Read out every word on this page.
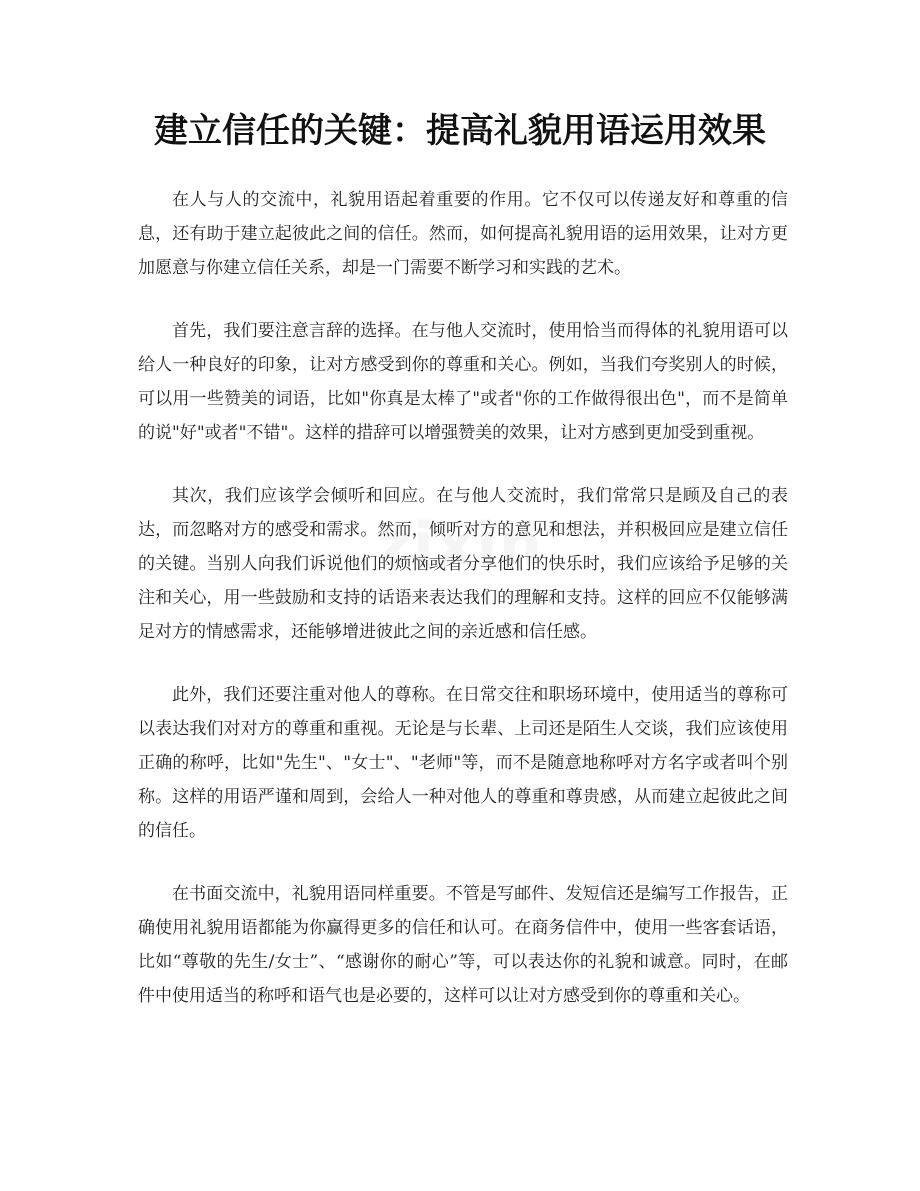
建立信任的关键：提高礼貌用语运用效果
zixin

在人与人的交流中，礼貌用语起着重要的作用。它不仅可以传递友好和尊重的信息，还有助于建立起彼此之间的信任。然而，如何提高礼貌用语的运用效果，让对方更加愿意与你建立信任关系，却是一门需要不断学习和实践的艺术。

首先，我们要注意言辞的选择。在与他人交流时，使用恰当而得体的礼貌用语可以给人一种良好的印象，让对方感受到你的尊重和关心。例如，当我们夸奖别人的时候，可以用一些赞美的词语，比如"你真是太棒了"或者"你的工作做得很出色"，而不是简单的说"好"或者"不错"。这样的措辞可以增强赞美的效果，让对方感到更加受到重视。

其次，我们应该学会倾听和回应。在与他人交流时，我们常常只是顾及自己的表达，而忽略对方的感受和需求。然而，倾听对方的意见和想法，并积极回应是建立信任的关键。当别人向我们诉说他们的烦恼或者分享他们的快乐时，我们应该给予足够的关注和关心，用一些鼓励和支持的话语来表达我们的理解和支持。这样的回应不仅能够满足对方的情感需求，还能够增进彼此之间的亲近感和信任感。

此外，我们还要注重对他人的尊称。在日常交往和职场环境中，使用适当的尊称可以表达我们对对方的尊重和重视。无论是与长辈、上司还是陌生人交谈，我们应该使用正确的称呼，比如"先生"、"女士"、"老师"等，而不是随意地称呼对方名字或者叫个别称。这样的用语严谨和周到，会给人一种对他人的尊重和尊贵感，从而建立起彼此之间的信任。

在书面交流中，礼貌用语同样重要。不管是写邮件、发短信还是编写工作报告，正确使用礼貌用语都能为你赢得更多的信任和认可。在商务信件中，使用一些客套话语，比如“尊敬的先生/女士”、“感谢你的耐心”等，可以表达你的礼貌和诚意。同时，在邮件中使用适当的称呼和语气也是必要的，这样可以让对方感受到你的尊重和关心。
